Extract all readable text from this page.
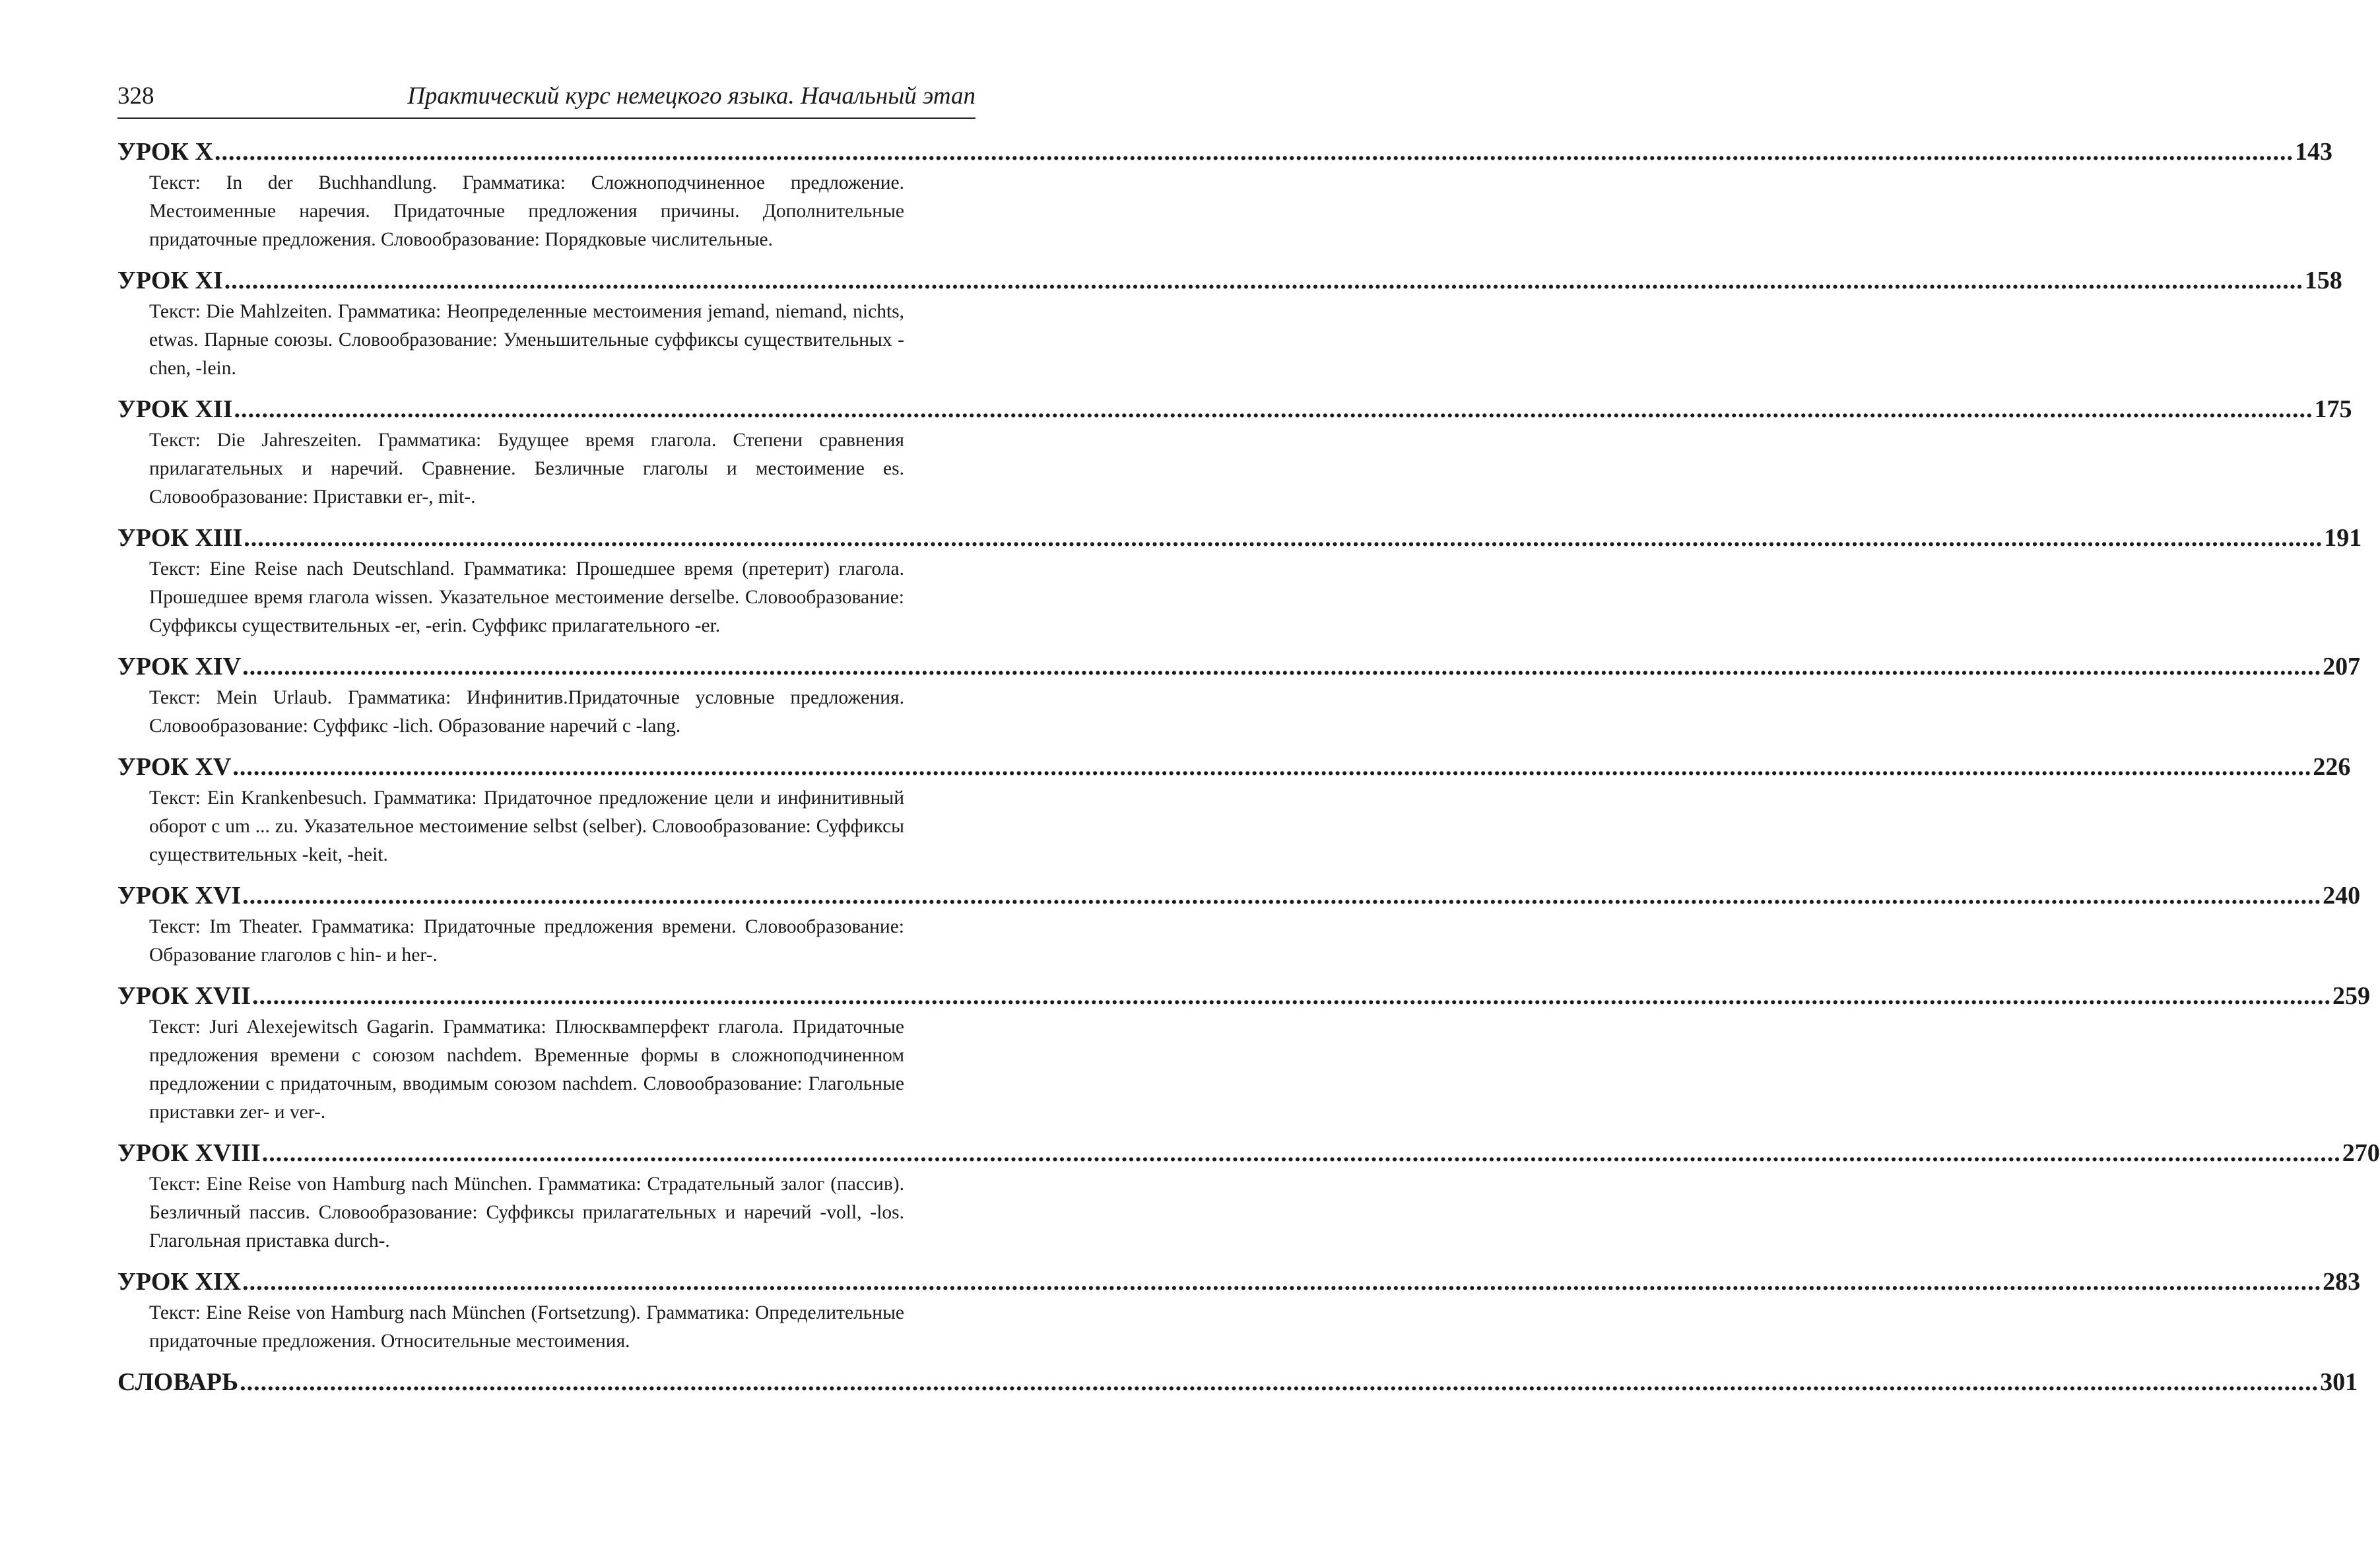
328	Практический курс немецкого языка. Начальный этап
УРОК X ............................................................................................................................................................................................................................................................................................................ 143
Текст: In der Buchhandlung. Грамматика: Сложноподчиненное предложение. Местоименные наречия. Придаточные предложения причины. Дополнительные придаточные предложения. Словообразование: Порядковые числительные.
УРОК XI ............................................................................................................................................................................................................................................................................................................ 158
Текст: Die Mahlzeiten. Грамматика: Неопределенные местоимения jemand, niemand, nichts, etwas. Парные союзы. Словообразование: Уменьшительные суффиксы существительных -chen, -lein.
УРОК XII ............................................................................................................................................................................................................................................................................................................ 175
Текст: Die Jahreszeiten. Грамматика: Будущее время глагола. Степени сравнения прилагательных и наречий. Сравнение. Безличные глаголы и местоимение es. Словообразование: Приставки er-, mit-.
УРОК XIII ............................................................................................................................................................................................................................................................................................................ 191
Текст: Eine Reise nach Deutschland. Грамматика: Прошедшее время (претерит) глагола. Прошедшее время глагола wissen. Указательное местоимение derselbe. Словообразование: Суффиксы существительных -er, -erin. Суффикс прилагательного -er.
УРОК XIV ............................................................................................................................................................................................................................................................................................................ 207
Текст: Mein Urlaub. Грамматика: Инфинитив.Придаточные условные предложения. Словообразование: Суффикс -lich. Образование наречий с -lang.
УРОК XV ............................................................................................................................................................................................................................................................................................................ 226
Текст: Ein Krankenbesuch. Грамматика: Придаточное предложение цели и инфинитивный оборот с um ... zu. Указательное местоимение selbst (selber). Словообразование: Суффиксы существительных -keit, -heit.
УРОК XVI ............................................................................................................................................................................................................................................................................................................ 240
Текст: Im Theater. Грамматика: Придаточные предложения времени. Словообразование: Образование глаголов с hin- и her-.
УРОК XVII ............................................................................................................................................................................................................................................................................................................ 259
Текст: Juri Alexejewitsch Gagarin. Грамматика: Плюсквамперфект глагола. Придаточные предложения времени с союзом nachdem. Временные формы в сложноподчиненном предложении с придаточным, вводимым союзом nachdem. Словообразование: Глагольные приставки zer- и ver-.
УРОК XVIII ............................................................................................................................................................................................................................................................................................................ 270
Текст: Eine Reise von Hamburg nach München. Грамматика: Страдательный залог (пассив). Безличный пассив. Словообразование: Суффиксы прилагательных и наречий -voll, -los. Глагольная приставка durch-.
УРОК XIX ............................................................................................................................................................................................................................................................................................................ 283
Текст: Eine Reise von Hamburg nach München (Fortsetzung). Грамматика: Определительные придаточные предложения. Относительные местоимения.
СЛОВАРЬ ............................................................................................................................................................................................................................................................................................................ 301
